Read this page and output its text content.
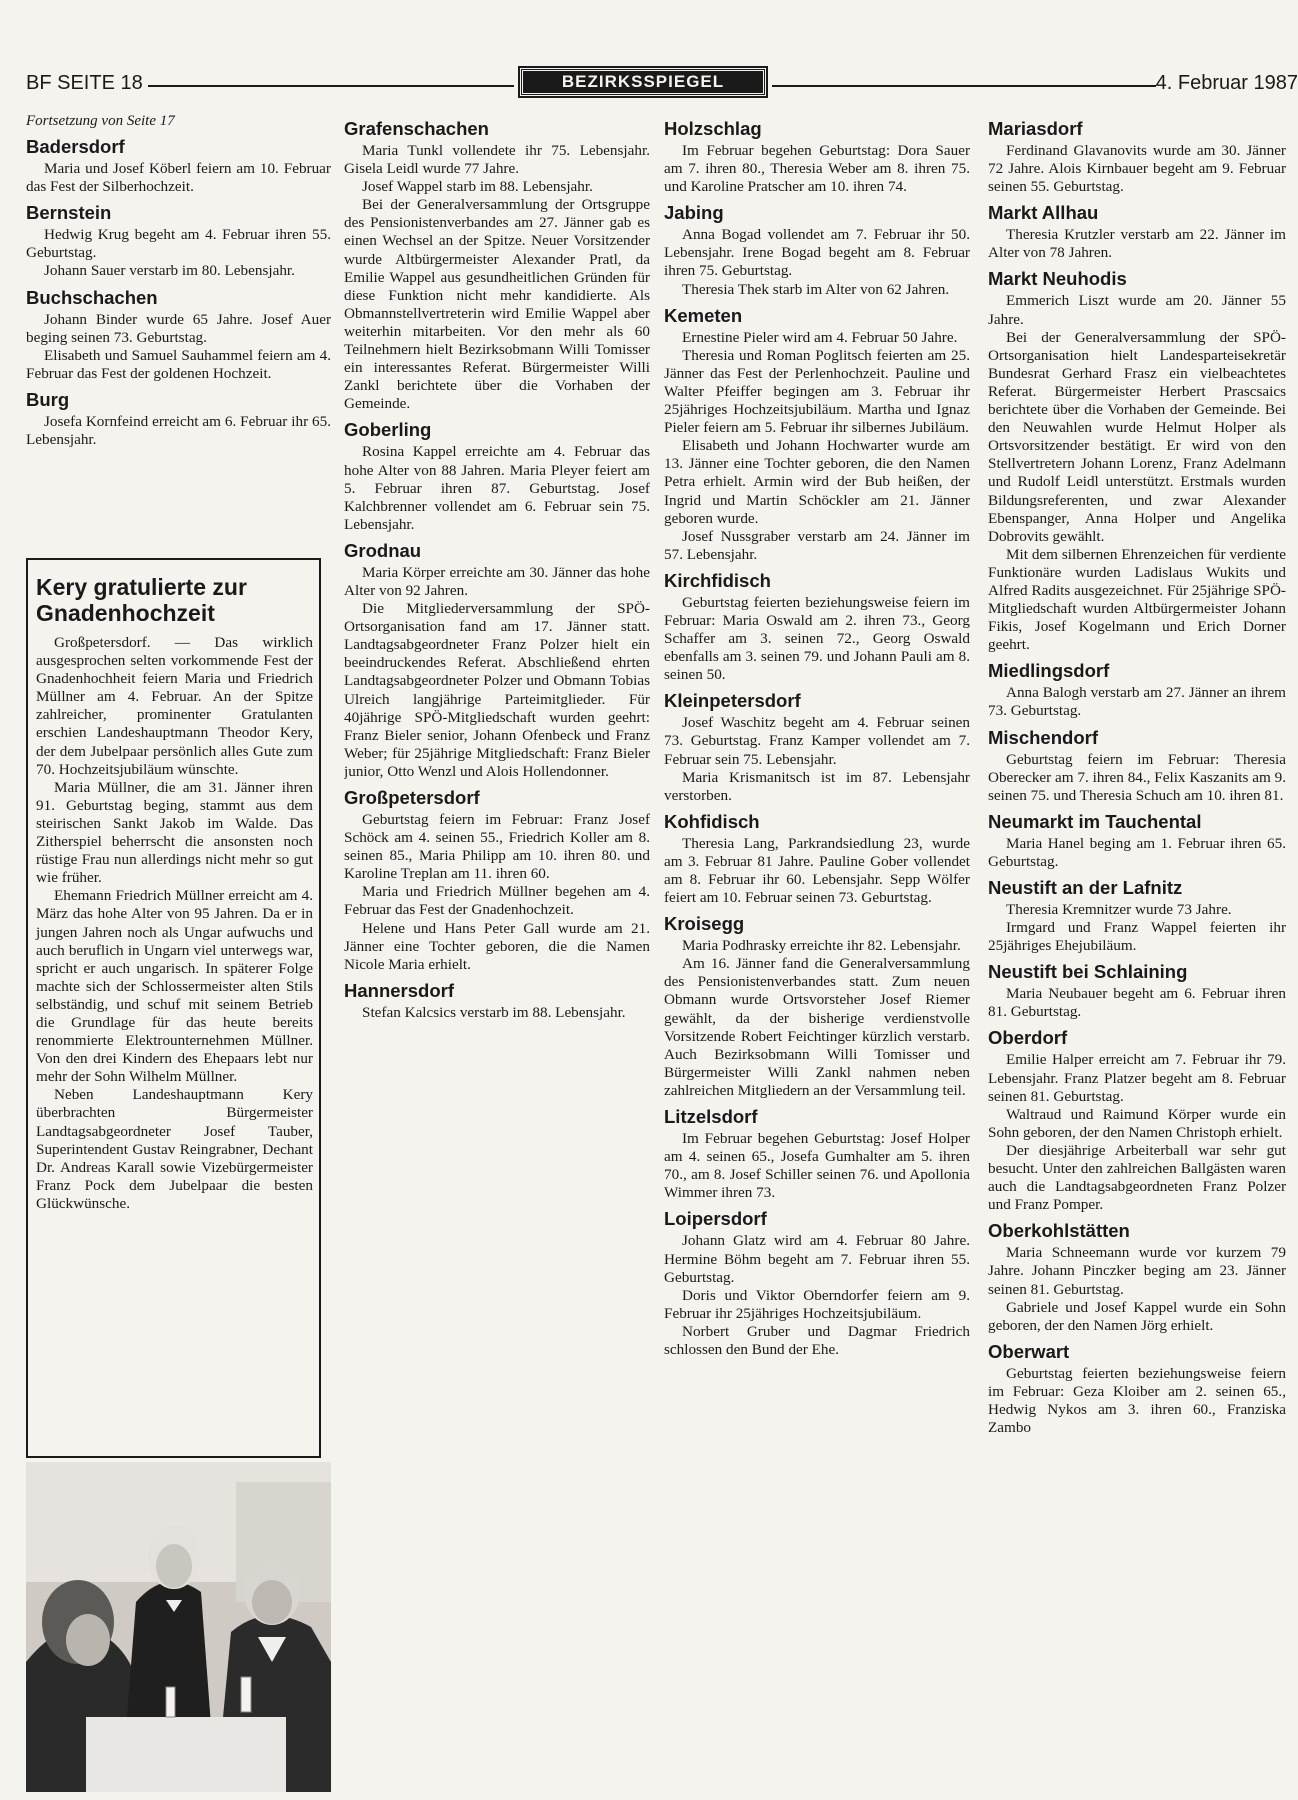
BF SEITE 18	BEZIRKSSPIEGEL	4. Februar 1987
Fortsetzung von Seite 17
Badersdorf

Maria und Josef Köberl feiern am 10. Februar das Fest der Silberhochzeit.

Bernstein

Hedwig Krug begeht am 4. Februar ihren 55. Geburtstag.

Johann Sauer verstarb im 80. Lebensjahr.

Buchschachen

Johann Binder wurde 65 Jahre. Josef Auer beging seinen 73. Geburtstag.

Elisabeth und Samuel Sauhammel feiern am 4. Februar das Fest der goldenen Hochzeit.

Burg

Josefa Kornfeind erreicht am 6. Februar ihr 65. Lebensjahr.

Kery gratulierte zur Gnadenhochzeit

Großpetersdorf. — Das wirklich ausgesprochen selten vorkommende Fest der Gnadenhochheit feiern Maria und Friedrich Müllner am 4. Februar. An der Spitze zahlreicher, prominenter Gratulanten erschien Landeshauptmann Theodor Kery, der dem Jubelpaar persönlich alles Gute zum 70. Hochzeitsjubiläum wünschte.

Maria Müllner, die am 31. Jänner ihren 91. Geburtstag beging, stammt aus dem steirischen Sankt Jakob im Walde. Das Zitherspiel beherrscht die ansonsten noch rüstige Frau nun allerdings nicht mehr so gut wie früher.

Ehemann Friedrich Müllner erreicht am 4. März das hohe Alter von 95 Jahren. Da er in jungen Jahren noch als Ungar aufwuchs und auch beruflich in Ungarn viel unterwegs war, spricht er auch ungarisch. In späterer Folge machte sich der Schlossermeister alten Stils selbständig, und schuf mit seinem Betrieb die Grundlage für das heute bereits renommierte Elektrounternehmen Müllner. Von den drei Kindern des Ehepaars lebt nur mehr der Sohn Wilhelm Müllner.

Neben Landeshauptmann Kery überbrachten Bürgermeister Landtagsabgeordneter Josef Tauber, Superintendent Gustav Reingrabner, Dechant Dr. Andreas Karall sowie Vizebürgermeister Franz Pock dem Jubelpaar die besten Glückwünsche.

Grafenschachen

Maria Tunkl vollendete ihr 75. Lebensjahr. Gisela Leidl wurde 77 Jahre.

Josef Wappel starb im 88. Lebensjahr.

Bei der Generalversammlung der Ortsgruppe des Pensionistenverbandes am 27. Jänner gab es einen Wechsel an der Spitze. Neuer Vorsitzender wurde Altbürgermeister Alexander Pratl, da Emilie Wappel aus gesundheitlichen Gründen für diese Funktion nicht mehr kandidierte. Als Obmannstellvertreterin wird Emilie Wappel aber weiterhin mitarbeiten. Vor den mehr als 60 Teilnehmern hielt Bezirksobmann Willi Tomisser ein interessantes Referat. Bürgermeister Willi Zankl berichtete über die Vorhaben der Gemeinde.

Goberling

Rosina Kappel erreichte am 4. Februar das hohe Alter von 88 Jahren. Maria Pleyer feiert am 5. Februar ihren 87. Geburtstag. Josef Kalchbrenner vollendet am 6. Februar sein 75. Lebensjahr.

Grodnau

Maria Körper erreichte am 30. Jänner das hohe Alter von 92 Jahren.

Die Mitgliederversammlung der SPÖ-Ortsorganisation fand am 17. Jänner statt. Landtagsabgeordneter Franz Polzer hielt ein beeindruckendes Referat. Abschließend ehrten Landtagsabgeordneter Polzer und Obmann Tobias Ulreich langjährige Parteimitglieder. Für 40jährige SPÖ-Mitgliedschaft wurden geehrt: Franz Bieler senior, Johann Ofenbeck und Franz Weber; für 25jährige Mitgliedschaft: Franz Bieler junior, Otto Wenzl und Alois Hollendonner.

Großpetersdorf

Geburtstag feiern im Februar: Franz Josef Schöck am 4. seinen 55., Friedrich Koller am 8. seinen 85., Maria Philipp am 10. ihren 80. und Karoline Treplan am 11. ihren 60.

Maria und Friedrich Müllner begehen am 4. Februar das Fest der Gnadenhochzeit.

Helene und Hans Peter Gall wurde am 21. Jänner eine Tochter geboren, die die Namen Nicole Maria erhielt.

Hannersdorf

Stefan Kalcsics verstarb im 88. Lebensjahr.

Holzschlag

Im Februar begehen Geburtstag: Dora Sauer am 7. ihren 80., Theresia Weber am 8. ihren 75. und Karoline Pratscher am 10. ihren 74.

Jabing

Anna Bogad vollendet am 7. Februar ihr 50. Lebensjahr. Irene Bogad begeht am 8. Februar ihren 75. Geburtstag.

Theresia Thek starb im Alter von 62 Jahren.

Kemeten

Ernestine Pieler wird am 4. Februar 50 Jahre.

Theresia und Roman Poglitsch feierten am 25. Jänner das Fest der Perlenhochzeit. Pauline und Walter Pfeiffer begingen am 3. Februar ihr 25jähriges Hochzeitsjubiläum. Martha und Ignaz Pieler feiern am 5. Februar ihr silbernes Jubiläum.

Elisabeth und Johann Hochwarter wurde am 13. Jänner eine Tochter geboren, die den Namen Petra erhielt. Armin wird der Bub heißen, der Ingrid und Martin Schöckler am 21. Jänner geboren wurde.

Josef Nussgraber verstarb am 24. Jänner im 57. Lebensjahr.

Kirchfidisch

Geburtstag feierten beziehungsweise feiern im Februar: Maria Oswald am 2. ihren 73., Georg Schaffer am 3. seinen 72., Georg Oswald ebenfalls am 3. seinen 79. und Johann Pauli am 8. seinen 50.

Kleinpetersdorf

Josef Waschitz begeht am 4. Februar seinen 73. Geburtstag. Franz Kamper vollendet am 7. Februar sein 75. Lebensjahr.

Maria Krismanitsch ist im 87. Lebensjahr verstorben.

Kohfidisch

Theresia Lang, Parkrandsiedlung 23, wurde am 3. Februar 81 Jahre. Pauline Gober vollendet am 8. Februar ihr 60. Lebensjahr. Sepp Wölfer feiert am 10. Februar seinen 73. Geburtstag.

Kroisegg

Maria Podhrasky erreichte ihr 82. Lebensjahr.

Am 16. Jänner fand die Generalversammlung des Pensionistenverbandes statt. Zum neuen Obmann wurde Ortsvorsteher Josef Riemer gewählt, da der bisherige verdienstvolle Vorsitzende Robert Feichtinger kürzlich verstarb. Auch Bezirksobmann Willi Tomisser und Bürgermeister Willi Zankl nahmen neben zahlreichen Mitgliedern an der Versammlung teil.

Litzelsdorf

Im Februar begehen Geburtstag: Josef Holper am 4. seinen 65., Josefa Gumhalter am 5. ihren 70., am 8. Josef Schiller seinen 76. und Apollonia Wimmer ihren 73.

Loipersdorf

Johann Glatz wird am 4. Februar 80 Jahre. Hermine Böhm begeht am 7. Februar ihren 55. Geburtstag.

Doris und Viktor Oberndorfer feiern am 9. Februar ihr 25jähriges Hochzeitsjubiläum.

Norbert Gruber und Dagmar Friedrich schlossen den Bund der Ehe.

Mariasdorf

Ferdinand Glavanovits wurde am 30. Jänner 72 Jahre. Alois Kirnbauer begeht am 9. Februar seinen 55. Geburtstag.

Markt Allhau

Theresia Krutzler verstarb am 22. Jänner im Alter von 78 Jahren.

Markt Neuhodis

Emmerich Liszt wurde am 20. Jänner 55 Jahre.

Bei der Generalversammlung der SPÖ-Ortsorganisation hielt Landesparteisekretär Bundesrat Gerhard Frasz ein vielbeachtetes Referat. Bürgermeister Herbert Prascsaics berichtete über die Vorhaben der Gemeinde. Bei den Neuwahlen wurde Helmut Holper als Ortsvorsitzender bestätigt. Er wird von den Stellvertretern Johann Lorenz, Franz Adelmann und Rudolf Leidl unterstützt. Erstmals wurden Bildungsreferenten, und zwar Alexander Ebenspanger, Anna Holper und Angelika Dobrovits gewählt.

Mit dem silbernen Ehrenzeichen für verdiente Funktionäre wurden Ladislaus Wukits und Alfred Radits ausgezeichnet. Für 25jährige SPÖ-Mitgliedschaft wurden Altbürgermeister Johann Fikis, Josef Kogelmann und Erich Dorner geehrt.

Miedlingsdorf

Anna Balogh verstarb am 27. Jänner an ihrem 73. Geburtstag.

Mischendorf

Geburtstag feiern im Februar: Theresia Oberecker am 7. ihren 84., Felix Kaszanits am 9. seinen 75. und Theresia Schuch am 10. ihren 81.

Neumarkt im Tauchental

Maria Hanel beging am 1. Februar ihren 65. Geburtstag.

Neustift an der Lafnitz

Theresia Kremnitzer wurde 73 Jahre.

Irmgard und Franz Wappel feierten ihr 25jähriges Ehejubiläum.

Neustift bei Schlaining

Maria Neubauer begeht am 6. Februar ihren 81. Geburtstag.

Oberdorf

Emilie Halper erreicht am 7. Februar ihr 79. Lebensjahr. Franz Platzer begeht am 8. Februar seinen 81. Geburtstag.

Waltraud und Raimund Körper wurde ein Sohn geboren, der den Namen Christoph erhielt.

Der diesjährige Arbeiterball war sehr gut besucht. Unter den zahlreichen Ballgästen waren auch die Landtagsabgeordneten Franz Polzer und Franz Pomper.

Oberkohlstätten

Maria Schneemann wurde vor kurzem 79 Jahre. Johann Pinczker beging am 23. Jänner seinen 81. Geburtstag.

Gabriele und Josef Kappel wurde ein Sohn geboren, der den Namen Jörg erhielt.

Oberwart

Geburtstag feierten beziehungsweise feiern im Februar: Geza Kloiber am 2. seinen 65., Hedwig Nykos am 3. ihren 60., Franziska Zambo
